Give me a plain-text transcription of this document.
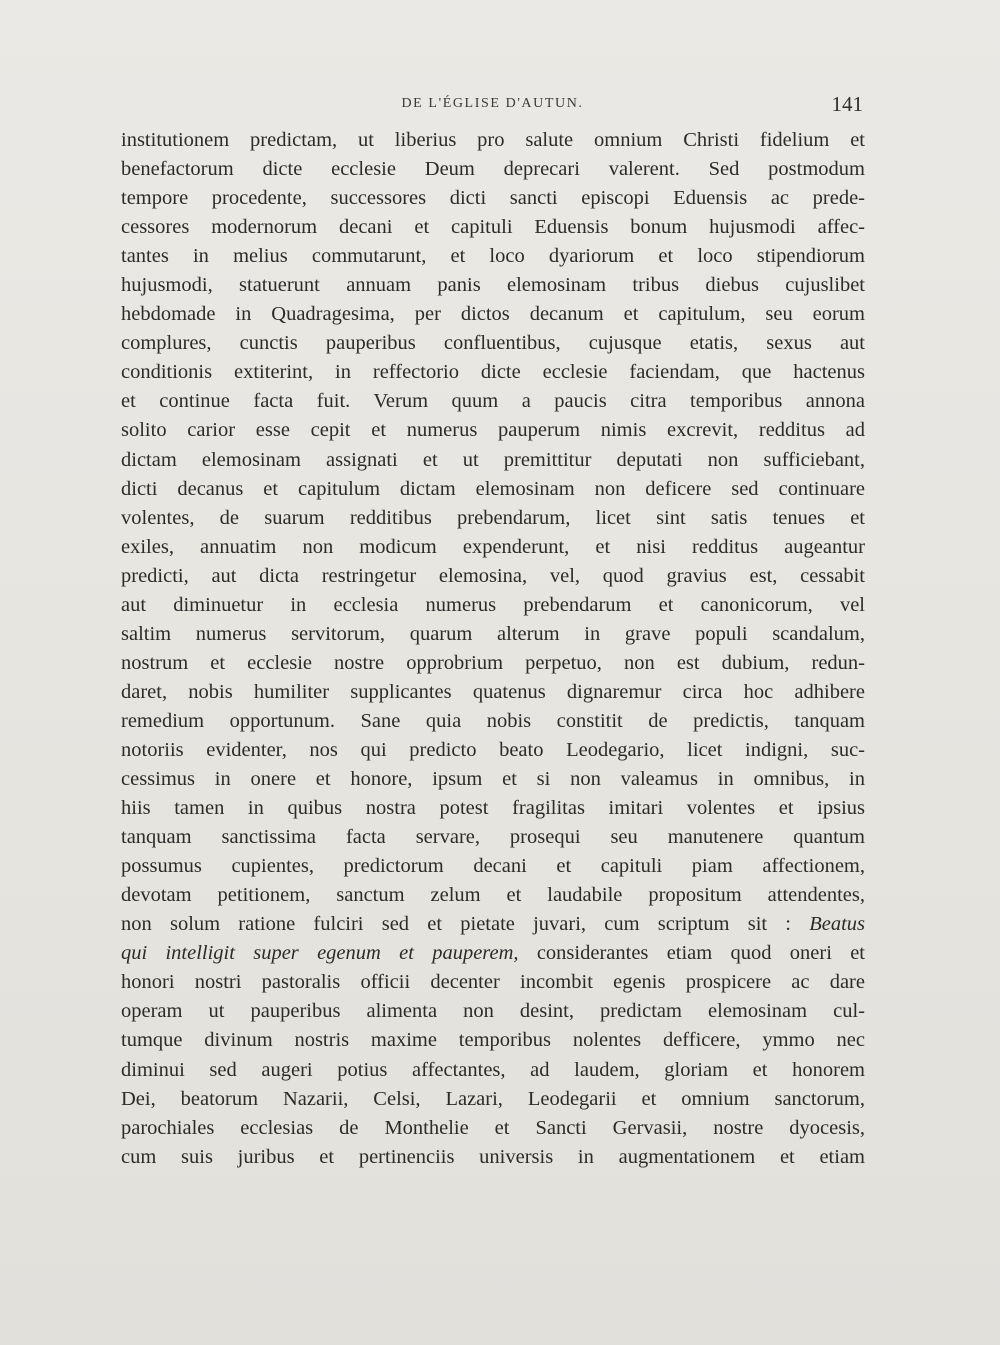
DE L'ÉGLISE D'AUTUN.	141
institutionem predictam, ut liberius pro salute omnium Christi fidelium et
benefactorum dicte ecclesie Deum deprecari valerent. Sed postmodum
tempore procedente, successores dicti sancti episcopi Eduensis ac prede-
cessores modernorum decani et capituli Eduensis bonum hujusmodi affec-
tantes in melius commutarunt, et loco dyariorum et loco stipendiorum
hujusmodi, statuerunt annuam panis elemosinam tribus diebus cujuslibet
hebdomade in Quadragesima, per dictos decanum et capitulum, seu eorum
complures, cunctis pauperibus confluentibus, cujusque etatis, sexus aut
conditionis extiterint, in reffectorio dicte ecclesie faciendam, que hactenus
et continue facta fuit. Verum quum a paucis citra temporibus annona
solito carior esse cepit et numerus pauperum nimis excrevit, redditus ad
dictam elemosinam assignati et ut premittitur deputati non sufficiebant,
dicti decanus et capitulum dictam elemosinam non deficere sed continuare
volentes, de suarum redditibus prebendarum, licet sint satis tenues et
exiles, annuatim non modicum expenderunt, et nisi redditus augeantur
predicti, aut dicta restringetur elemosina, vel, quod gravius est, cessabit
aut diminuetur in ecclesia numerus prebendarum et canonicorum, vel
saltim numerus servitorum, quarum alterum in grave populi scandalum,
nostrum et ecclesie nostre opprobrium perpetuo, non est dubium, redun-
daret, nobis humiliter supplicantes quatenus dignaremur circa hoc adhibere
remedium opportunum. Sane quia nobis constitit de predictis, tanquam
notoriis evidenter, nos qui predicto beato Leodegario, licet indigni, suc-
cessimus in onere et honore, ipsum et si non valeamus in omnibus, in
hiis tamen in quibus nostra potest fragilitas imitari volentes et ipsius
tanquam sanctissima facta servare, prosequi seu manutenere quantum
possumus cupientes, predictorum decani et capituli piam affectionem,
devotam petitionem, sanctum zelum et laudabile propositum attendentes,
non solum ratione fulciri sed et pietate juvari, cum scriptum sit : Beatus
qui intelligit super egenum et pauperem, considerantes etiam quod oneri et
honori nostri pastoralis officii decenter incombit egenis prospicere ac dare
operam ut pauperibus alimenta non desint, predictam elemosinam cul-
tumque divinum nostris maxime temporibus nolentes defficere, ymmo nec
diminui sed augeri potius affectantes, ad laudem, gloriam et honorem
Dei, beatorum Nazarii, Celsi, Lazari, Leodegarii et omnium sanctorum,
parochiales ecclesias de Monthelie et Sancti Gervasii, nostre dyocesis,
cum suis juribus et pertinenciis universis in augmentationem et etiam
